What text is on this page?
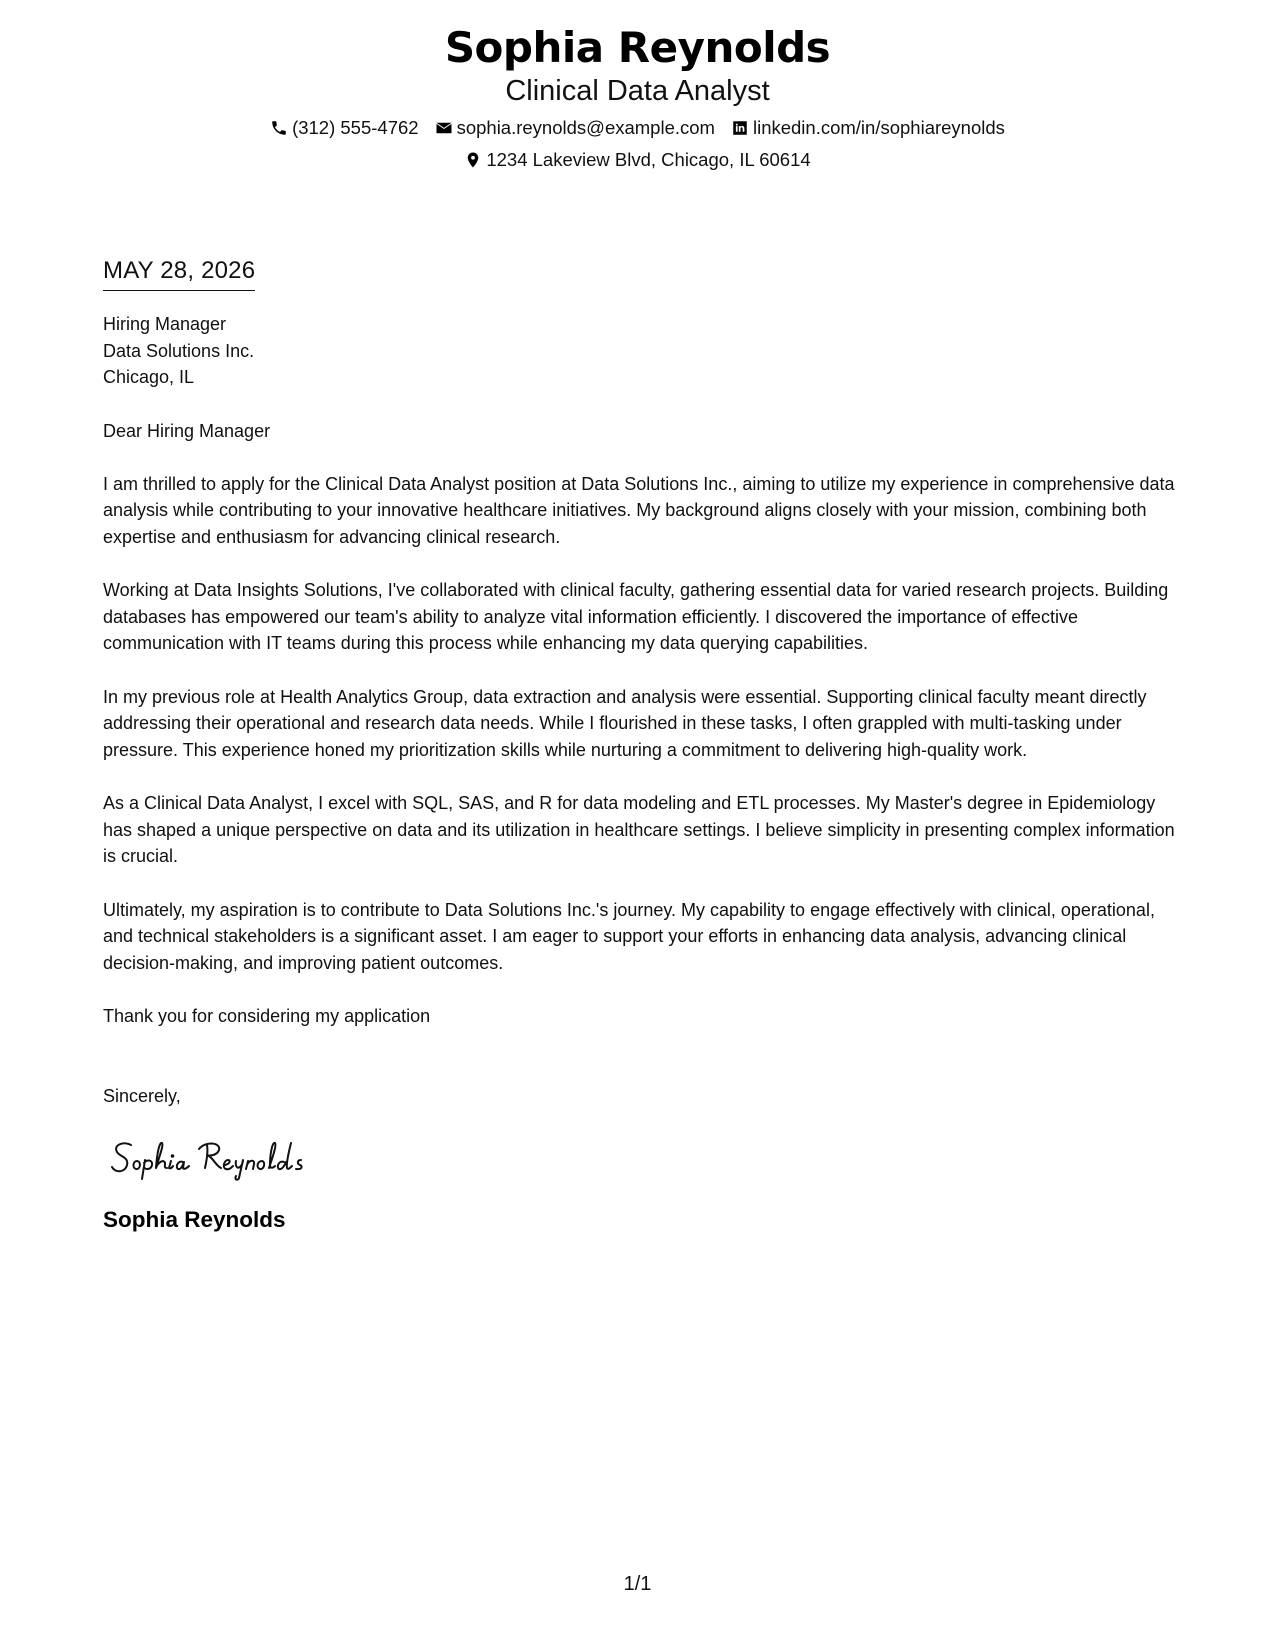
Sophia Reynolds
Clinical Data Analyst
(312) 555-4762 sophia.reynolds@example.com linkedin.com/in/sophiareynolds
1234 Lakeview Blvd, Chicago, IL 60614
MAY 28, 2026
Hiring Manager
Data Solutions Inc.
Chicago, IL
Dear Hiring Manager
I am thrilled to apply for the Clinical Data Analyst position at Data Solutions Inc., aiming to utilize my experience in comprehensive data analysis while contributing to your innovative healthcare initiatives. My background aligns closely with your mission, combining both expertise and enthusiasm for advancing clinical research.
Working at Data Insights Solutions, I've collaborated with clinical faculty, gathering essential data for varied research projects. Building databases has empowered our team's ability to analyze vital information efficiently. I discovered the importance of effective communication with IT teams during this process while enhancing my data querying capabilities.
In my previous role at Health Analytics Group, data extraction and analysis were essential. Supporting clinical faculty meant directly addressing their operational and research data needs. While I flourished in these tasks, I often grappled with multi-tasking under pressure. This experience honed my prioritization skills while nurturing a commitment to delivering high-quality work.
As a Clinical Data Analyst, I excel with SQL, SAS, and R for data modeling and ETL processes. My Master's degree in Epidemiology has shaped a unique perspective on data and its utilization in healthcare settings. I believe simplicity in presenting complex information is crucial.
Ultimately, my aspiration is to contribute to Data Solutions Inc.'s journey. My capability to engage effectively with clinical, operational, and technical stakeholders is a significant asset. I am eager to support your efforts in enhancing data analysis, advancing clinical decision-making, and improving patient outcomes.
Thank you for considering my application
Sincerely,
Sophia Reynolds
1/1
